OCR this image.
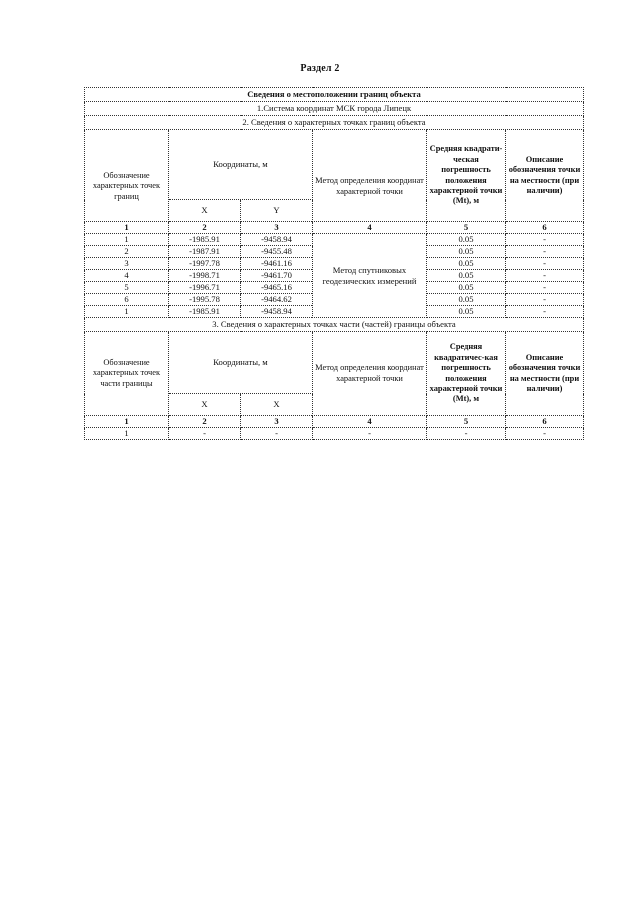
Раздел 2
Сведения о местоположении границ объекта					
1.Система координат МСК города Липецк					
2. Сведения о характерных точках границ объекта					
Обозначение характерных точек границ	Координаты, м		Метод определения координат характерной точки	Средняя квадрати-ческая погрешность положения характерной точки (Mt), м	Описание обозначения точки на местности (при наличии)
	X	Y			
1	2	3	4	5	6
1	-1985.91	-9458.94	Метод спутниковых геодезических измерений	0.05	-
2	-1987.91	-9455.48		0.05	-
3	-1997.78	-9461.16		0.05	-
4	-1998.71	-9461.70		0.05	-
5	-1996.71	-9465.16		0.05	-
6	-1995.78	-9464.62		0.05	-
1	-1985.91	-9458.94		0.05	-
3. Сведения о характерных точках части (частей) границы объекта					
Обозначение характерных точек части границы	Координаты, м		Метод определения координат характерной точки	Средняя квадратичес-кая погрешность положения характерной точки (Mt), м	Описание обозначения точки на местности (при наличии)
	X	X			
1	2	3	4	5	6
1	-	-	-	-	-
